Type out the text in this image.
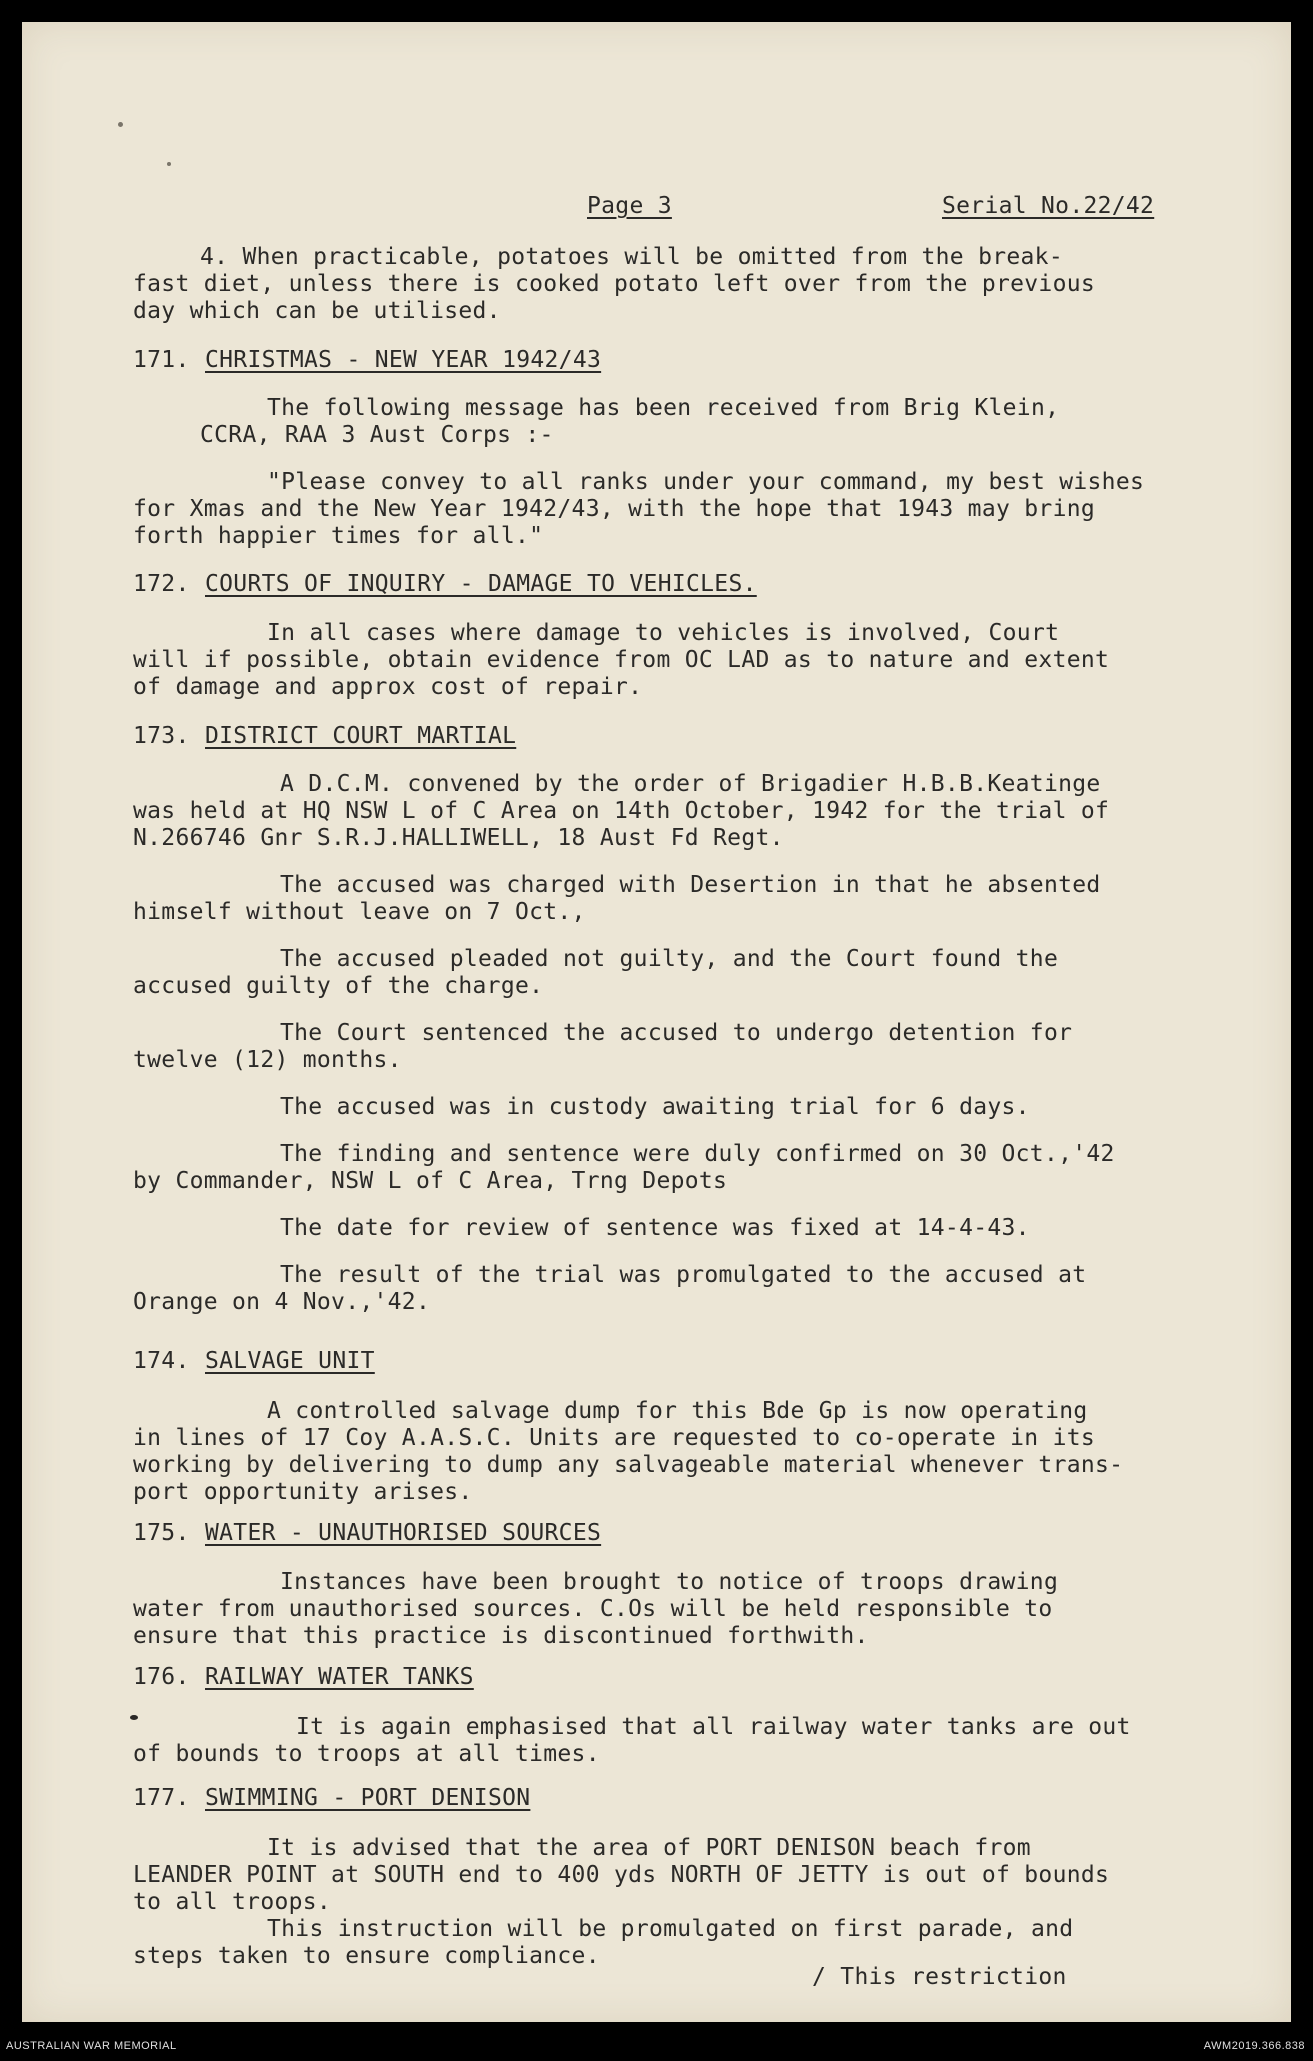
Page 3	Serial No.22/42
4. When practicable, potatoes will be omitted from the break-
fast diet, unless there is cooked potato left over from the previous
day which can be utilised.
171. CHRISTMAS - NEW YEAR 1942/43
The following message has been received from Brig Klein,
CCRA, RAA 3 Aust Corps :-
"Please convey to all ranks under your command, my best wishes
for Xmas and the New Year 1942/43, with the hope that 1943 may bring
forth happier times for all."
172. COURTS OF INQUIRY - DAMAGE TO VEHICLES.
In all cases where damage to vehicles is involved, Court
will if possible, obtain evidence from OC LAD as to nature and extent
of damage and approx cost of repair.
173. DISTRICT COURT MARTIAL
A D.C.M. convened by the order of Brigadier H.B.B.Keatinge
was held at HQ NSW L of C Area on 14th October, 1942 for the trial of
N.266746 Gnr S.R.J.HALLIWELL, 18 Aust Fd Regt.
The accused was charged with Desertion in that he absented
himself without leave on 7 Oct.,
The accused pleaded not guilty, and the Court found the
accused guilty of the charge.
The Court sentenced the accused to undergo detention for
twelve (12) months.
The accused was in custody awaiting trial for 6 days.
The finding and sentence were duly confirmed on 30 Oct.,'42
by Commander, NSW L of C Area, Trng Depots
The date for review of sentence was fixed at 14-4-43.
The result of the trial was promulgated to the accused at
Orange on 4 Nov.,'42.
174. SALVAGE UNIT
A controlled salvage dump for this Bde Gp is now operating
in lines of 17 Coy A.A.S.C. Units are requested to co-operate in its
working by delivering to dump any salvageable material whenever trans-
port opportunity arises.
175. WATER - UNAUTHORISED SOURCES
Instances have been brought to notice of troops drawing
water from unauthorised sources. C.Os will be held responsible to
ensure that this practice is discontinued forthwith.
176. RAILWAY WATER TANKS
It is again emphasised that all railway water tanks are out
of bounds to troops at all times.
177. SWIMMING - PORT DENISON
It is advised that the area of PORT DENISON beach from
LEANDER POINT at SOUTH end to 400 yds NORTH OF JETTY is out of bounds
to all troops.
This instruction will be promulgated on first parade, and
steps taken to ensure compliance.
/ This restriction
AUSTRALIAN WAR MEMORIAL	AWM2019.366.838
